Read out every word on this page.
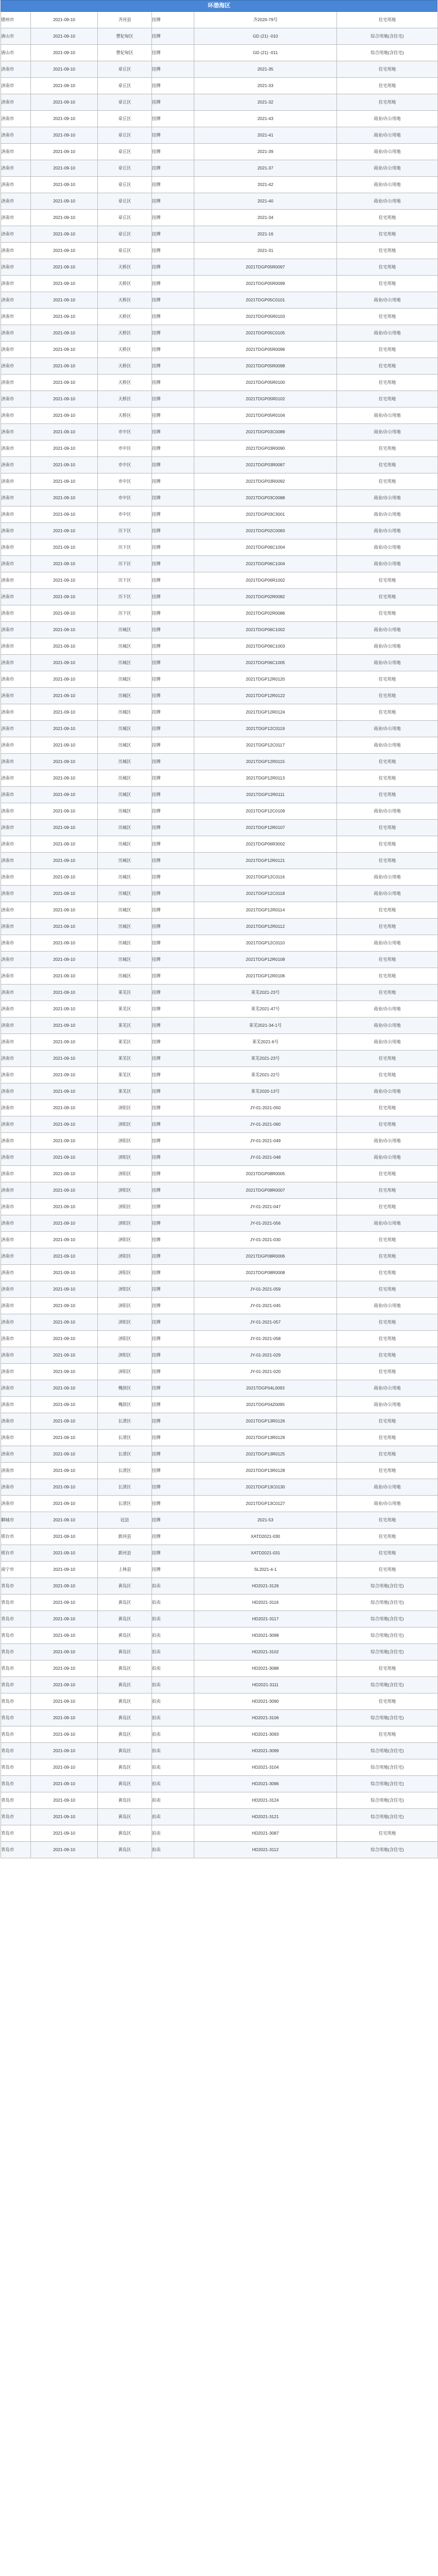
环渤海区
德州市	2021-09-10	齐河县	挂牌	齐2020-79号	住宅用地
唐山市	2021-09-10	曹妃甸区	挂牌	GD (21) -010	综合用地(含住宅)
唐山市	2021-09-10	曹妃甸区	挂牌	GD (21) -011	综合用地(含住宅)
济南市	2021-09-10	章丘区	挂牌	2021-35	住宅用地
济南市	2021-09-10	章丘区	挂牌	2021-33	住宅用地
济南市	2021-09-10	章丘区	挂牌	2021-32	住宅用地
济南市	2021-09-10	章丘区	挂牌	2021-43	商业/办公用地
济南市	2021-09-10	章丘区	挂牌	2021-41	商业/办公用地
济南市	2021-09-10	章丘区	挂牌	2021-39	商业/办公用地
济南市	2021-09-10	章丘区	挂牌	2021-37	商业/办公用地
济南市	2021-09-10	章丘区	挂牌	2021-42	商业/办公用地
济南市	2021-09-10	章丘区	挂牌	2021-40	商业/办公用地
济南市	2021-09-10	章丘区	挂牌	2021-34	住宅用地
济南市	2021-09-10	章丘区	挂牌	2021-16	住宅用地
济南市	2021-09-10	章丘区	挂牌	2021-31	住宅用地
济南市	2021-09-10	天桥区	挂牌	2021TDGP05R0097	住宅用地
济南市	2021-09-10	天桥区	挂牌	2021TDGP05R0099	住宅用地
济南市	2021-09-10	天桥区	挂牌	2021TDGP05C0101	商业/办公用地
济南市	2021-09-10	天桥区	挂牌	2021TDGP05R0103	住宅用地
济南市	2021-09-10	天桥区	挂牌	2021TDGP05C0105	商业/办公用地
济南市	2021-09-10	天桥区	挂牌	2021TDGP05R0096	住宅用地
济南市	2021-09-10	天桥区	挂牌	2021TDGP05R0098	住宅用地
济南市	2021-09-10	天桥区	挂牌	2021TDGP05R0100	住宅用地
济南市	2021-09-10	天桥区	挂牌	2021TDGP05R0102	住宅用地
济南市	2021-09-10	天桥区	挂牌	2021TDGP05R0104	商业/办公用地
济南市	2021-09-10	市中区	挂牌	2021TDGP03C0089	商业/办公用地
济南市	2021-09-10	市中区	挂牌	2021TDGP03R0090	住宅用地
济南市	2021-09-10	市中区	挂牌	2021TDGP03R0087	住宅用地
济南市	2021-09-10	市中区	挂牌	2021TDGP03R0092	住宅用地
济南市	2021-09-10	市中区	挂牌	2021TDGP03C0088	商业/办公用地
济南市	2021-09-10	市中区	挂牌	2021TDGP03C3001	商业/办公用地
济南市	2021-09-10	历下区	挂牌	2021TDGP02C0083	商业/办公用地
济南市	2021-09-10	历下区	挂牌	2021TDGP06C1004	商业/办公用地
济南市	2021-09-10	历下区	挂牌	2021TDGP06C1004	商业/办公用地
济南市	2021-09-10	历下区	挂牌	2021TDGP06R1002	住宅用地
济南市	2021-09-10	历下区	挂牌	2021TDGP02R0082	住宅用地
济南市	2021-09-10	历下区	挂牌	2021TDGP02R0086	住宅用地
济南市	2021-09-10	历城区	挂牌	2021TDGP06C1002	商业/办公用地
济南市	2021-09-10	历城区	挂牌	2021TDGP06C1003	商业/办公用地
济南市	2021-09-10	历城区	挂牌	2021TDGP06C1005	商业/办公用地
济南市	2021-09-10	历城区	挂牌	2021TDGP12R0120	住宅用地
济南市	2021-09-10	历城区	挂牌	2021TDGP12R0122	住宅用地
济南市	2021-09-10	历城区	挂牌	2021TDGP12R0124	住宅用地
济南市	2021-09-10	历城区	挂牌	2021TDGP12C0119	商业/办公用地
济南市	2021-09-10	历城区	挂牌	2021TDGP12C0117	商业/办公用地
济南市	2021-09-10	历城区	挂牌	2021TDGP12R0115	住宅用地
济南市	2021-09-10	历城区	挂牌	2021TDGP12R0113	住宅用地
济南市	2021-09-10	历城区	挂牌	2021TDGP12R0111	住宅用地
济南市	2021-09-10	历城区	挂牌	2021TDGP12C0109	商业/办公用地
济南市	2021-09-10	历城区	挂牌	2021TDGP12R0107	住宅用地
济南市	2021-09-10	历城区	挂牌	2021TDGP06R3002	住宅用地
济南市	2021-09-10	历城区	挂牌	2021TDGP12R0121	住宅用地
济南市	2021-09-10	历城区	挂牌	2021TDGP12C0116	商业/办公用地
济南市	2021-09-10	历城区	挂牌	2021TDGP12C0118	商业/办公用地
济南市	2021-09-10	历城区	挂牌	2021TDGP12R0114	住宅用地
济南市	2021-09-10	历城区	挂牌	2021TDGP12R0112	住宅用地
济南市	2021-09-10	历城区	挂牌	2021TDGP12C0110	商业/办公用地
济南市	2021-09-10	历城区	挂牌	2021TDGP12R0108	住宅用地
济南市	2021-09-10	历城区	挂牌	2021TDGP12R0106	住宅用地
济南市	2021-09-10	莱芜区	挂牌	莱芜2021-23号	住宅用地
济南市	2021-09-10	莱芜区	挂牌	莱芜2021-47号	商业/办公用地
济南市	2021-09-10	莱芜区	挂牌	莱芜2021-34-1号	商业/办公用地
济南市	2021-09-10	莱芜区	挂牌	莱芜2021-6号	商业/办公用地
济南市	2021-09-10	莱芜区	挂牌	莱芜2021-23号	住宅用地
济南市	2021-09-10	莱芜区	挂牌	莱芜2021-22号	住宅用地
济南市	2021-09-10	莱芜区	挂牌	莱芜2020-13号	商业/办公用地
济南市	2021-09-10	济阳区	挂牌	JY-01-2021-050	住宅用地
济南市	2021-09-10	济阳区	挂牌	JY-01-2021-060	住宅用地
济南市	2021-09-10	济阳区	挂牌	JY-01-2021-049	商业/办公用地
济南市	2021-09-10	济阳区	挂牌	JY-01-2021-048	商业/办公用地
济南市	2021-09-10	济阳区	挂牌	2021TDGP08R0005	住宅用地
济南市	2021-09-10	济阳区	挂牌	2021TDGP08R0007	住宅用地
济南市	2021-09-10	济阳区	挂牌	JY-01-2021-047	住宅用地
济南市	2021-09-10	济阳区	挂牌	JY-01-2021-056	商业/办公用地
济南市	2021-09-10	济阳区	挂牌	JY-01-2021-030	住宅用地
济南市	2021-09-10	济阳区	挂牌	2021TDGP08R0006	住宅用地
济南市	2021-09-10	济阳区	挂牌	2021TDGP08R0008	住宅用地
济南市	2021-09-10	济阳区	挂牌	JY-01-2021-059	住宅用地
济南市	2021-09-10	济阳区	挂牌	JY-01-2021-045	商业/办公用地
济南市	2021-09-10	济阳区	挂牌	JY-01-2021-057	住宅用地
济南市	2021-09-10	济阳区	挂牌	JY-01-2021-058	住宅用地
济南市	2021-09-10	济阳区	挂牌	JY-01-2021-029	住宅用地
济南市	2021-09-10	济阳区	挂牌	JY-01-2021-020	住宅用地
济南市	2021-09-10	槐荫区	挂牌	2021TDGP04L0093	商业/办公用地
济南市	2021-09-10	槐荫区	挂牌	2021TDGP04Z0095	商业/办公用地
济南市	2021-09-10	长清区	挂牌	2021TDGP13R0126	住宅用地
济南市	2021-09-10	长清区	挂牌	2021TDGP13R0129	住宅用地
济南市	2021-09-10	长清区	挂牌	2021TDGP13R0125	住宅用地
济南市	2021-09-10	长清区	挂牌	2021TDGP13R0128	住宅用地
济南市	2021-09-10	长清区	挂牌	2021TDGP13C0130	商业/办公用地
济南市	2021-09-10	长清区	挂牌	2021TDGP13C0127	商业/办公用地
聊城市	2021-09-10	冠县	挂牌	2021-53	住宅用地
邢台市	2021-09-10	新河县	挂牌	XATD2021-030	住宅用地
邢台市	2021-09-10	新河县	挂牌	XATD2021-031	住宅用地
南宁市	2021-09-10	上林县	挂牌	SL2021-4-1	住宅用地
青岛市	2021-09-10	黄岛区	拍卖	HD2021-3126	综合用地(含住宅)
青岛市	2021-09-10	黄岛区	拍卖	HD2021-3116	综合用地(含住宅)
青岛市	2021-09-10	黄岛区	拍卖	HD2021-3117	综合用地(含住宅)
青岛市	2021-09-10	黄岛区	拍卖	HD2021-3098	综合用地(含住宅)
青岛市	2021-09-10	黄岛区	拍卖	HD2021-3102	综合用地(含住宅)
青岛市	2021-09-10	黄岛区	拍卖	HD2021-3088	住宅用地
青岛市	2021-09-10	黄岛区	拍卖	HD2021-3111	综合用地(含住宅)
青岛市	2021-09-10	黄岛区	拍卖	HD2021-3090	住宅用地
青岛市	2021-09-10	黄岛区	拍卖	HD2021-3106	综合用地(含住宅)
青岛市	2021-09-10	黄岛区	拍卖	HD2021-3093	住宅用地
青岛市	2021-09-10	黄岛区	拍卖	HD2021-3099	综合用地(含住宅)
青岛市	2021-09-10	黄岛区	拍卖	HD2021-3104	综合用地(含住宅)
青岛市	2021-09-10	黄岛区	拍卖	HD2021-3096	综合用地(含住宅)
青岛市	2021-09-10	黄岛区	拍卖	HD2021-3124	综合用地(含住宅)
青岛市	2021-09-10	黄岛区	拍卖	HD2021-3121	综合用地(含住宅)
青岛市	2021-09-10	黄岛区	拍卖	HD2021-3087	住宅用地
青岛市	2021-09-10	黄岛区	拍卖	HD2021-3112	综合用地(含住宅)
